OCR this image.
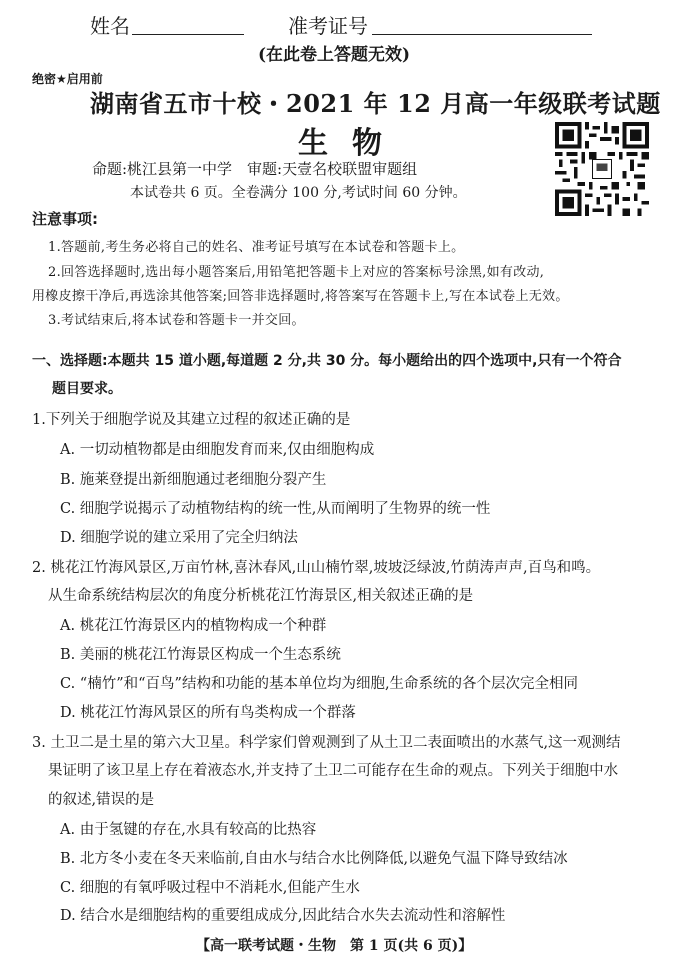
姓名	准考证号
(在此卷上答题无效)
绝密★启用前
湖南省五市十校・2021 年 12 月高一年级联考试题
生物
命题:桃江县第一中学　审题:天壹名校联盟审题组
本试卷共 6 页。全卷满分 100 分,考试时间 60 分钟。
注意事项:
1.答题前,考生务必将自己的姓名、准考证号填写在本试卷和答题卡上。
2.回答选择题时,选出每小题答案后,用铅笔把答题卡上对应的答案标号涂黑,如有改动,
用橡皮擦干净后,再选涂其他答案;回答非选择题时,将答案写在答题卡上,写在本试卷上无效。
3.考试结束后,将本试卷和答题卡一并交回。
一、选择题:本题共 15 道小题,每道题 2 分,共 30 分。每小题给出的四个选项中,只有一个符合
题目要求。
1.下列关于细胞学说及其建立过程的叙述正确的是
A. 一切动植物都是由细胞发育而来,仅由细胞构成
B. 施莱登提出新细胞通过老细胞分裂产生
C. 细胞学说揭示了动植物结构的统一性,从而阐明了生物界的统一性
D. 细胞学说的建立采用了完全归纳法
2. 桃花江竹海风景区,万亩竹林,喜沐春风,山山楠竹翠,坡坡泛绿波,竹荫涛声声,百鸟和鸣。
从生命系统结构层次的角度分析桃花江竹海景区,相关叙述正确的是
A. 桃花江竹海景区内的植物构成一个种群
B. 美丽的桃花江竹海景区构成一个生态系统
C. “楠竹”和“百鸟”结构和功能的基本单位均为细胞,生命系统的各个层次完全相同
D. 桃花江竹海风景区的所有鸟类构成一个群落
3. 土卫二是土星的第六大卫星。科学家们曾观测到了从土卫二表面喷出的水蒸气,这一观测结
果证明了该卫星上存在着液态水,并支持了土卫二可能存在生命的观点。下列关于细胞中水
的叙述,错误的是
A. 由于氢键的存在,水具有较高的比热容
B. 北方冬小麦在冬天来临前,自由水与结合水比例降低,以避免气温下降导致结冰
C. 细胞的有氧呼吸过程中不消耗水,但能产生水
D. 结合水是细胞结构的重要组成成分,因此结合水失去流动性和溶解性
【高一联考试题・生物　第 1 页(共 6 页)】
